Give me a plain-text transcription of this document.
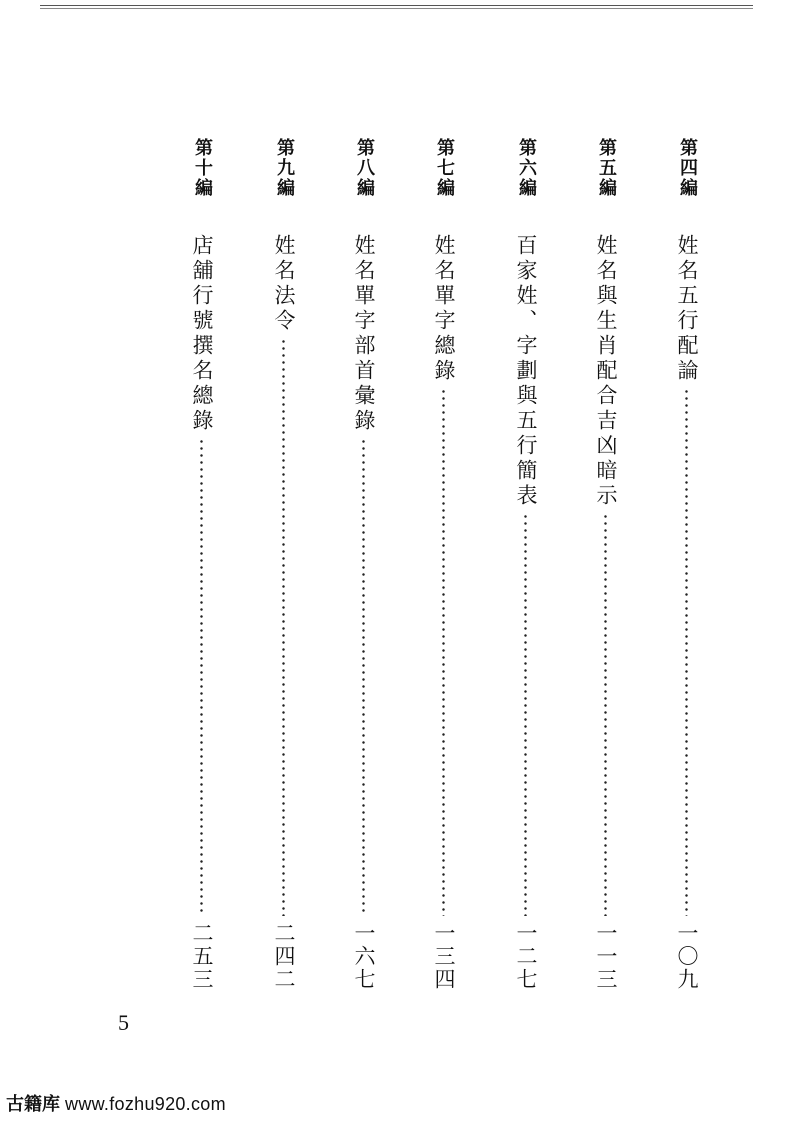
第四編
姓名五行配論
一〇九
第五編
姓名與生肖配合吉凶暗示
一一三
第六編
百家姓、字劃與五行簡表
一二七
第七編
姓名單字總錄
一三四
第八編
姓名單字部首彙錄
一六七
第九編
姓名法令
二四二
第十編
店舖行號撰名總錄
二五三
5
古籍库 www.fozhu920.com
